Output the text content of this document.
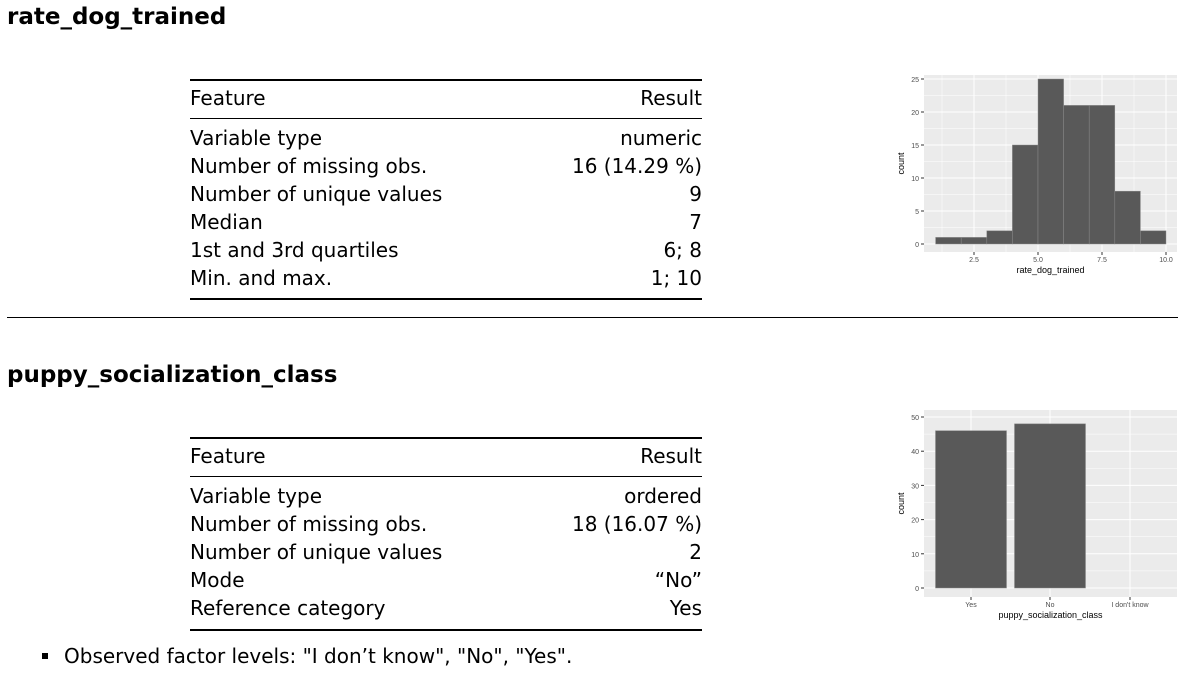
rate_dog_trained
Feature	Result
Variable type	numeric
Number of missing obs.	16 (14.29 %)
Number of unique values	9
Median	7
1st and 3rd quartiles	6; 8
Min. and max.	1; 10
0
5
10
15
20
25
2.5	5.0	7.5	10.0
rate_dog_trained
count
puppy_socialization_class
Feature	Result
Variable type	ordered
Number of missing obs.	18 (16.07 %)
Number of unique values	2
Mode	“No”
Reference category	Yes
0
10
20
30
40
50
Yes	No	I don't know
puppy_socialization_class
count
Observed factor levels: "I don’t know", "No", "Yes".
